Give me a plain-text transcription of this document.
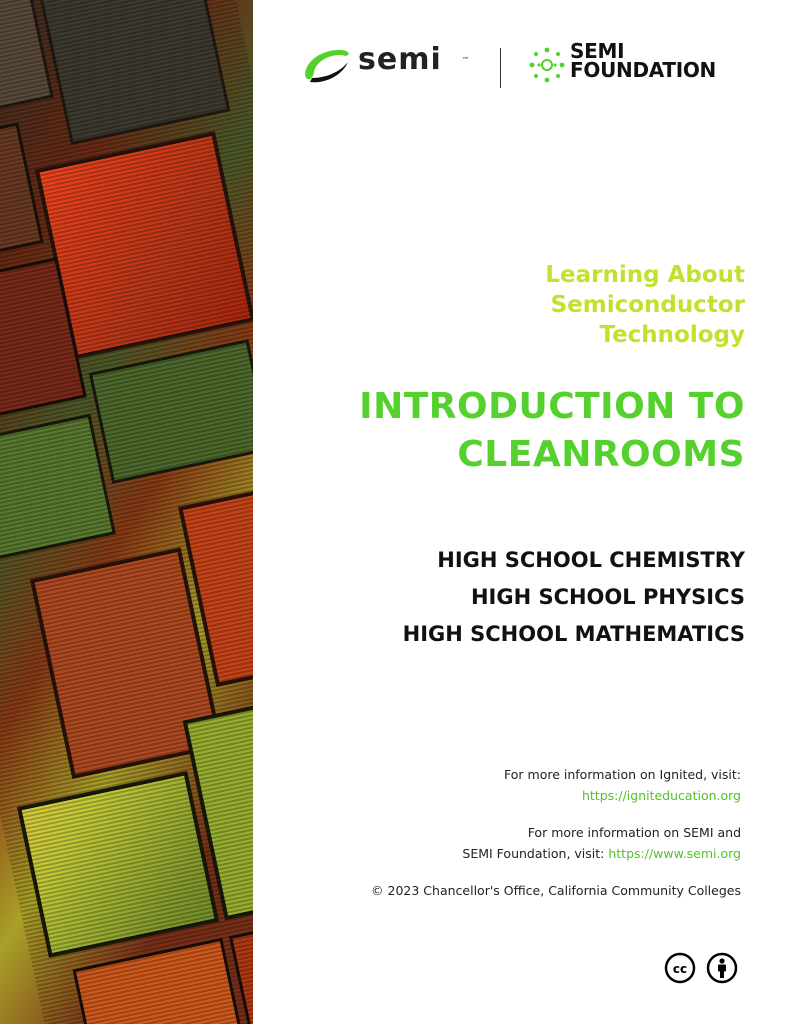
semi	™	SEMI
FOUNDATION
Learning About
Semiconductor
Technology
INTRODUCTION TO
CLEANROOMS
HIGH SCHOOL CHEMISTRY
HIGH SCHOOL PHYSICS
HIGH SCHOOL MATHEMATICS
For more information on Ignited, visit:
https://igniteducation.org
For more information on SEMI and
SEMI Foundation, visit: https://www.semi.org
© 2023 Chancellor's Office, California Community Colleges
cc
